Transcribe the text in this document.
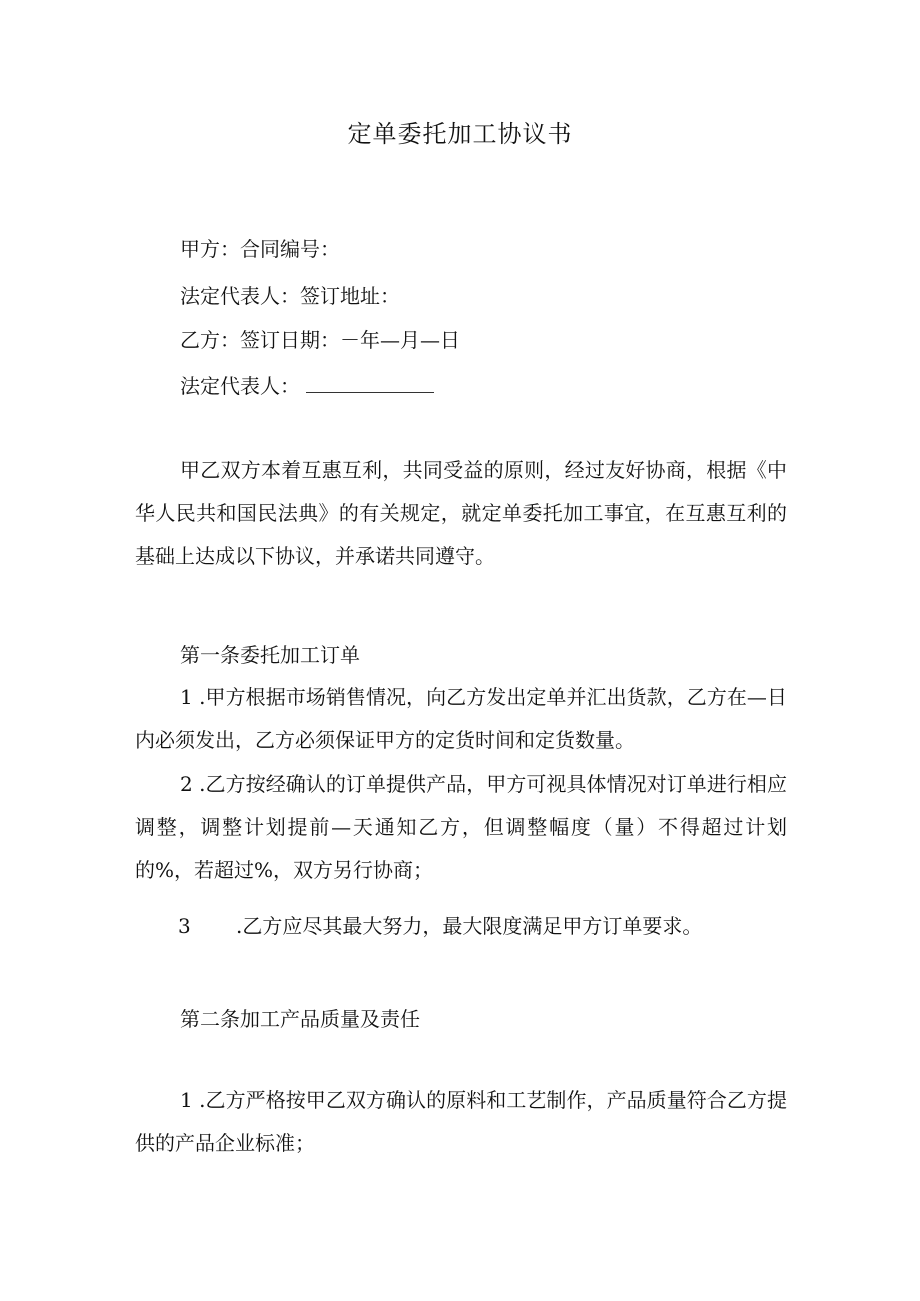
定单委托加工协议书
甲方：合同编号：
法定代表人：签订地址：
乙方：签订日期：－年—月—日
法定代表人：
甲乙双方本着互惠互利，共同受益的原则，经过友好协商，根据《中华人民共和国民法典》的有关规定，就定单委托加工事宜，在互惠互利的基础上达成以下协议，并承诺共同遵守。
第一条委托加工订单
1 .甲方根据市场销售情况，向乙方发出定单并汇出货款，乙方在—日内必须发出，乙方必须保证甲方的定货时间和定货数量。
2 .乙方按经确认的订单提供产品，甲方可视具体情况对订单进行相应调整，调整计划提前—天通知乙方，但调整幅度（量）不得超过计划的%，若超过%，双方另行协商；
3 .乙方应尽其最大努力，最大限度满足甲方订单要求。
第二条加工产品质量及责任
1 .乙方严格按甲乙双方确认的原料和工艺制作，产品质量符合乙方提供的产品企业标准；
